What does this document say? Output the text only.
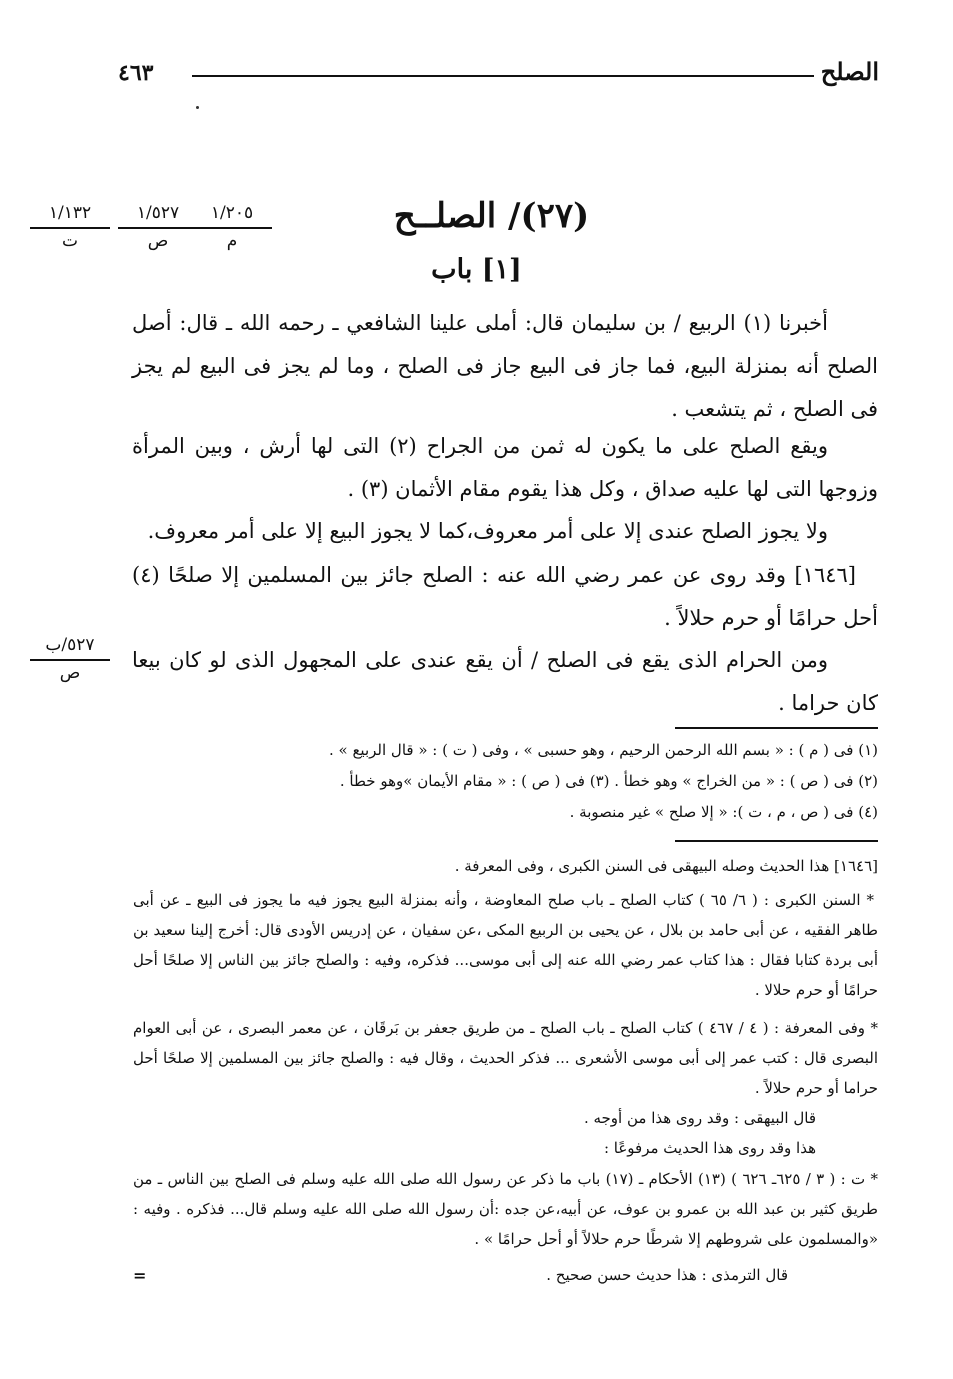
الصلح
٤٦٣
١/٢٠٥
م
١/٥٢٧
ص
١/١٣٢
ت
٥٢٧/ب
ص
(٢٧)/ الصلــح
[١] باب
أخبرنا (١) الربيع / بن سليمان قال: أملى علينا الشافعي ـ رحمه الله ـ قال: أصل الصلح أنه بمنزلة البيع، فما جاز فى البيع جاز فى الصلح ، وما لم يجز فى البيع لم يجز فى الصلح ، ثم يتشعب .
ويقع الصلح على ما يكون له ثمن من الجراح (٢) التى لها أرش ، وبين المرأة وزوجها التى لها عليه صداق ، وكل هذا يقوم مقام الأثمان (٣) .
ولا يجوز الصلح عندى إلا على أمر معروف،كما لا يجوز البيع إلا على أمر معروف.
[١٦٤٦] وقد روى عن عمر رضي الله عنه : الصلح جائز بين المسلمين إلا صلحًا (٤) أحل حرامًا أو حرم حلالاً .
ومن الحرام الذى يقع فى الصلح / أن يقع عندى على المجهول الذى لو كان بيعا كان حراما .
(١) فى ( م ) : « بسم الله الرحمن الرحيم ، وهو حسبى » ، وفى ( ت ) : « قال الربيع » .
(٢) فى ( ص ) : « من الخراج » وهو خطأ . (٣) فى ( ص ) : « مقام الأيمان »وهو خطأ .
(٤) فى ( ص ، م ، ت ): « إلا صلح » غير منصوبة .
[١٦٤٦] هذا الحديث وصله البيهقى فى السنن الكبرى ، وفى المعرفة .
* السنن الكبرى : ( ٦/ ٦٥ ) كتاب الصلح ـ باب صلح المعاوضة ، وأنه بمنزلة البيع يجوز فيه ما يجوز فى البيع ـ عن أبى طاهر الفقيه ، عن أبى حامد بن بلال ، عن يحيى بن الربيع المكى ،عن سفيان ، عن إدريس الأودى قال: أخرج إلينا سعيد بن أبى بردة كتابا فقال : هذا كتاب عمر رضي الله عنه إلى أبى موسى... فذكره، وفيه : والصلح جائز بين الناس إلا صلحًا أحل حرامًا أو حرم حلالا .
* وفى المعرفة : ( ٤ / ٤٦٧ ) كتاب الصلح ـ باب الصلح ـ من طريق جعفر بن بَرقَان ، عن معمر البصرى ، عن أبى العوام البصرى قال : كتب عمر إلى أبى موسى الأشعرى ... فذكر الحديث ، وقال فيه : والصلح جائز بين المسلمين إلا صلحًا أحل حراما أو حرم حلالاً .
قال البيهقى : وقد روى هذا من أوجه .
هذا وقد روى هذا الحديث مرفوعًا :
* ت : ( ٣ / ٦٢٥ـ ٦٢٦ ) (١٣) الأحكام ـ (١٧) باب ما ذكر عن رسول الله صلى الله عليه وسلم فى الصلح بين الناس ـ من طريق كثير بن عبد الله بن عمرو بن عوف، عن أبيه،عن جده :أن رسول الله صلى الله عليه وسلم قال... فذكره . وفيه : «والمسلمون على شروطهم إلا شرطًا حرم حلالاً أو أحل حرامًا » .
قال الترمذى : هذا حديث حسن صحيح .
=
